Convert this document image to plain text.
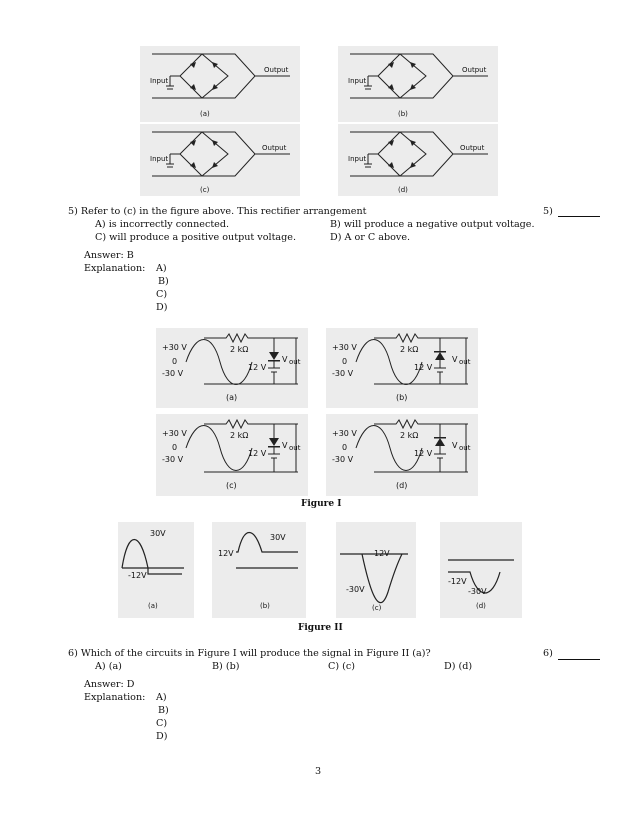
Input
Output
Input
Output
Input
Output
Input
Output
(a)	(b)
(c)	(d)
5) Refer to (c) in the figure above. This rectifier arrangement	5)
A) is incorrectly connected.	B) will produce a negative output voltage.
C) will produce a positive output voltage.	D) A or C above.
Answer: B
Explanation: A)
B)
C)
D)
+30 V
0
-30 V
2 kΩ
12 V
V out
(a)
+30 V
0
-30 V
2 kΩ
12 V
V out
(b)
+30 V
0
-30 V
2 kΩ
12 V
V out
(c)
+30 V
0
-30 V
2 kΩ
12 V
V out
(d)
Figure I
30V
-12V
(a)
12V
30V
(b)
12V
-30V
(c)
-12V
-30V
(d)
Figure II
6) Which of the circuits in Figure I will produce the signal in Figure II (a)?	6)
A) (a)	B) (b)	C) (c)	D) (d)
Answer: D
Explanation: A)
B)
C)
D)
3
